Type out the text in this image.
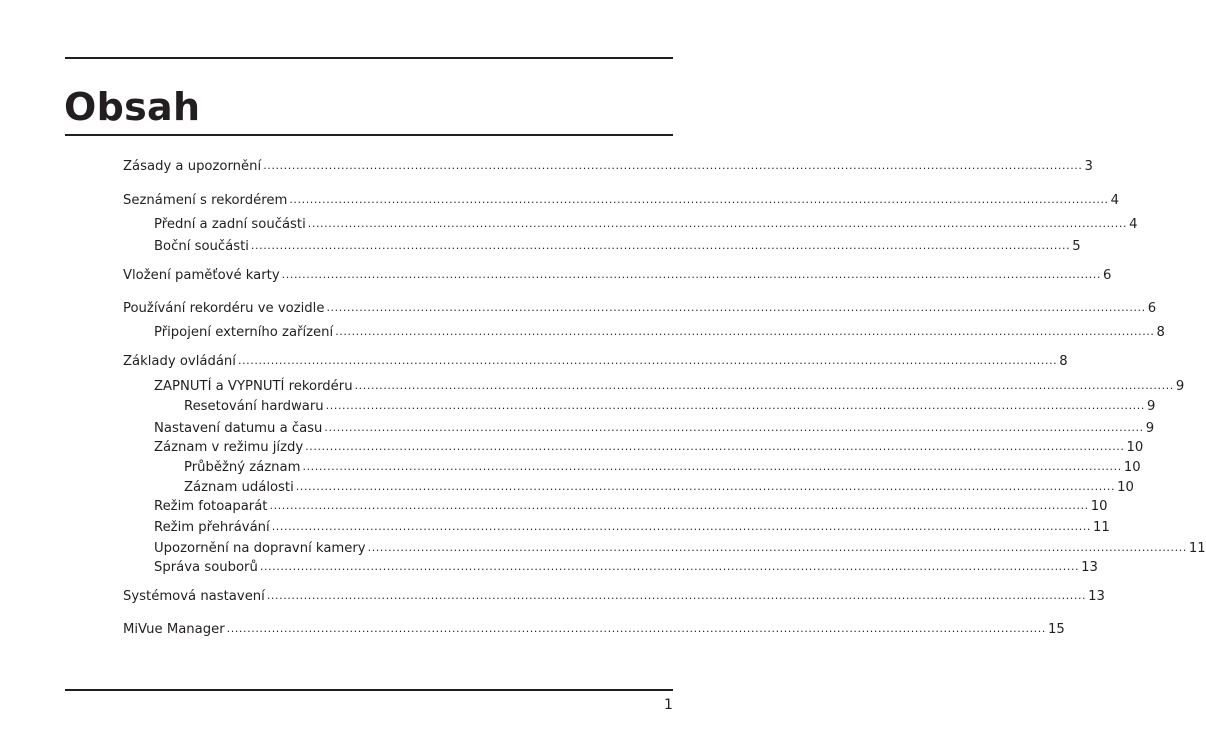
Obsah
Zásady a upozornění ........................................................................................................................................................................................................ 3
Seznámení s rekordérem ........................................................................................................................................................................................................ 4
Přední a zadní součásti ........................................................................................................................................................................................................ 4
Boční součásti ........................................................................................................................................................................................................ 5
Vložení paměťové karty ........................................................................................................................................................................................................ 6
Používání rekordéru ve vozidle ........................................................................................................................................................................................................ 6
Připojení externího zařízení ........................................................................................................................................................................................................ 8
Základy ovládání ........................................................................................................................................................................................................ 8
ZAPNUTÍ a VYPNUTÍ rekordéru ........................................................................................................................................................................................................ 9
Resetování hardwaru ........................................................................................................................................................................................................ 9
Nastavení datumu a času ........................................................................................................................................................................................................ 9
Záznam v režimu jízdy ........................................................................................................................................................................................................ 10
Průběžný záznam ........................................................................................................................................................................................................ 10
Záznam události ........................................................................................................................................................................................................ 10
Režim fotoaparát ........................................................................................................................................................................................................ 10
Režim přehrávání ........................................................................................................................................................................................................ 11
Upozornění na dopravní kamery ........................................................................................................................................................................................................ 11
Správa souborů ........................................................................................................................................................................................................ 13
Systémová nastavení ........................................................................................................................................................................................................ 13
MiVue Manager ........................................................................................................................................................................................................ 15
1
